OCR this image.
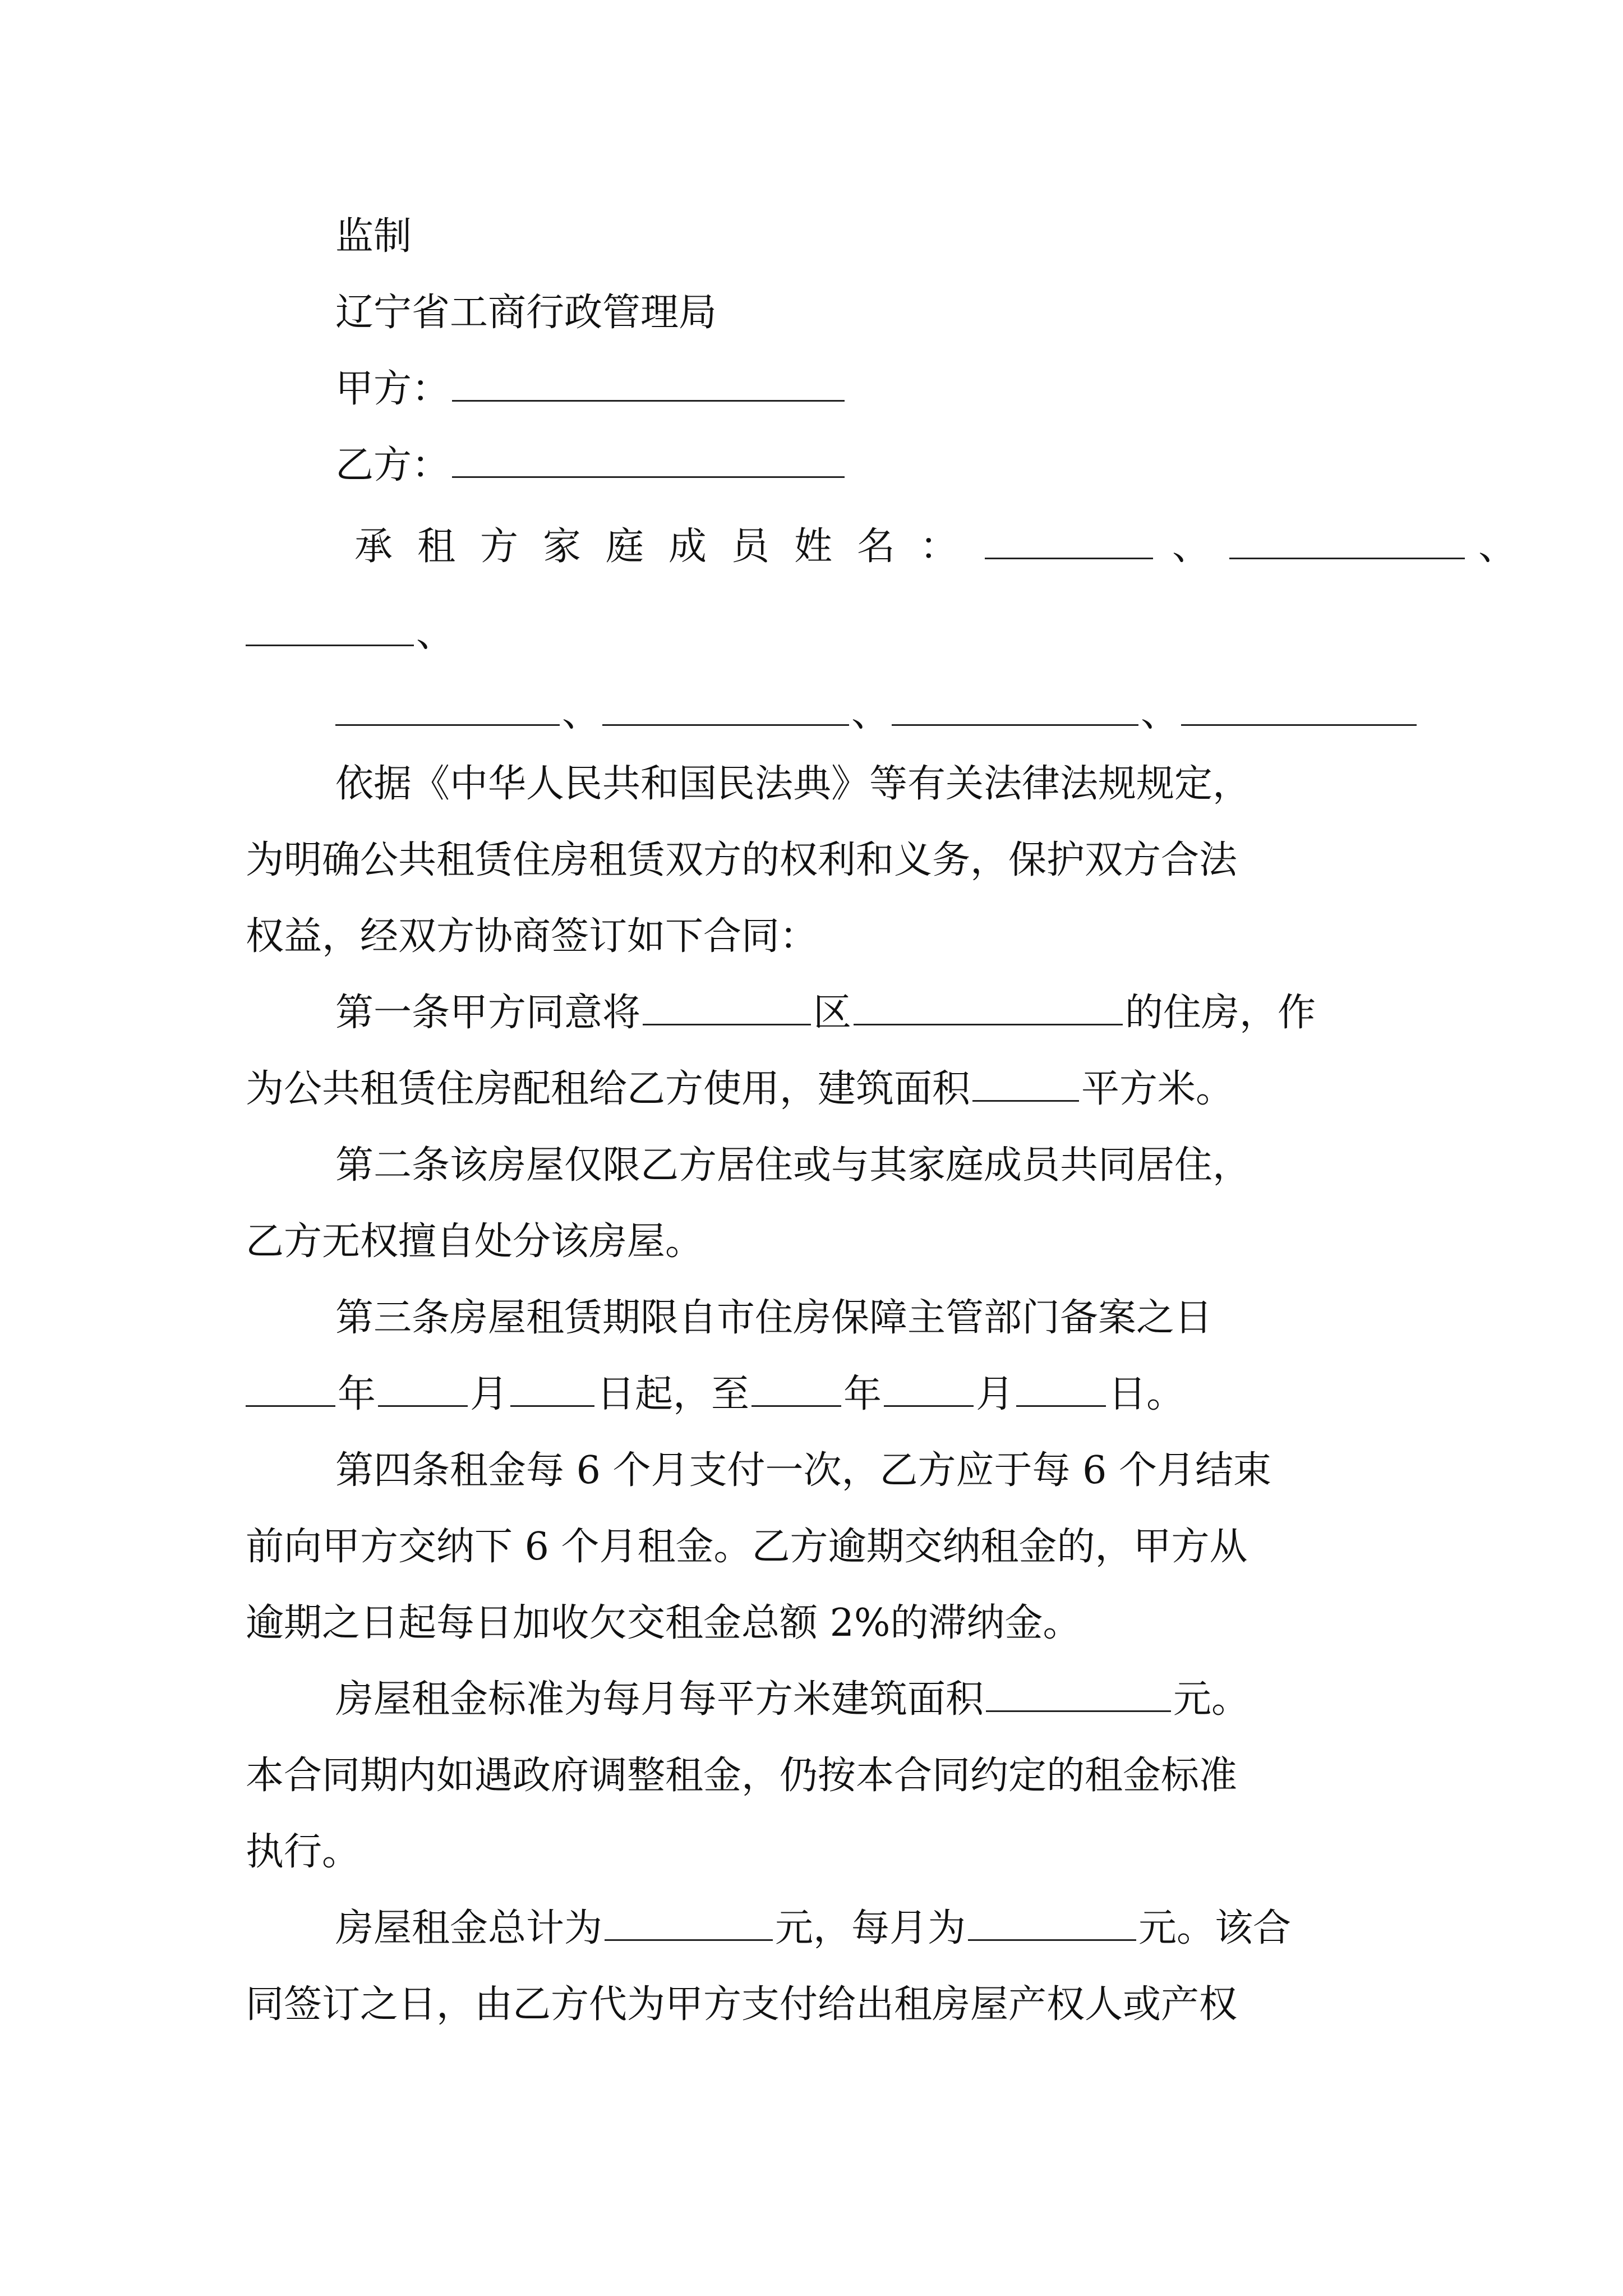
监制
辽宁省工商行政管理局
甲方：
乙方：
承租方家庭成员姓名：	、	、
、
、	、	、
依据《中华人民共和国民法典》等有关法律法规规定，
为明确公共租赁住房租赁双方的权利和义务，保护双方合法
权益，经双方协商签订如下合同：
第一条甲方同意将	区	的住房，作
为公共租赁住房配租给乙方使用，建筑面积	平方米。
第二条该房屋仅限乙方居住或与其家庭成员共同居住，
乙方无权擅自处分该房屋。
第三条房屋租赁期限自市住房保障主管部门备案之日
年 月 日起，至 年 月 日。
第四条租金每 6 个月支付一次，乙方应于每 6 个月结束
前向甲方交纳下 6 个月租金。乙方逾期交纳租金的，甲方从
逾期之日起每日加收欠交租金总额 2%的滞纳金。
房屋租金标准为每月每平方米建筑面积	元。
本合同期内如遇政府调整租金，仍按本合同约定的租金标准
执行。
房屋租金总计为	元，每月为	元。该合
同签订之日，由乙方代为甲方支付给出租房屋产权人或产权
